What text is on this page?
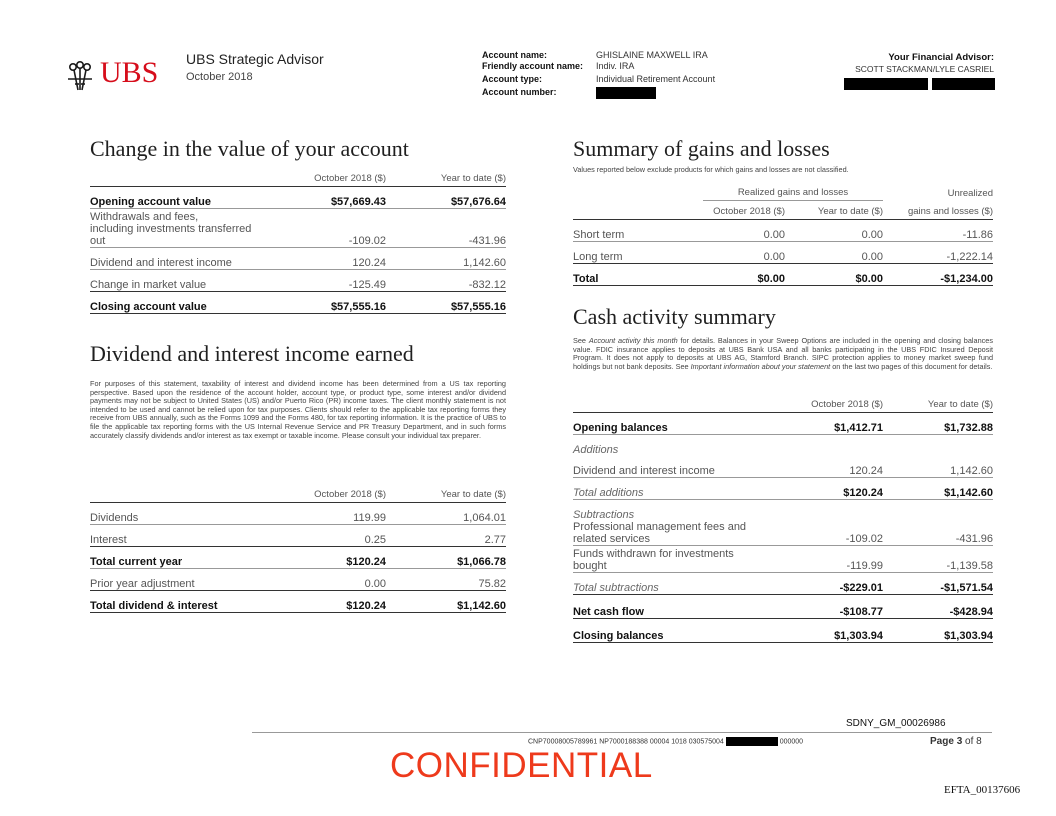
UBS UBS Strategic Advisor
October 2018
Account name:	GHISLAINE MAXWELL IRA
Friendly account name: Indiv. IRA
Account type:	Individual Retirement Account
Account number:
Your Financial Advisor:
SCOTT STACKMAN/LYLE CASRIEL
Change in the value of your account
	October 2018 ($)	Year to date ($)
Opening account value	$57,669.43	$57,676.64

Withdrawals and fees,
including investments transferred
out	-109.02	-431.96
Dividend and interest income	120.24	1,142.60
Change in market value	-125.49	-832.12
Closing account value	$57,555.16	$57,555.16
Dividend and interest income earned
For purposes of this statement, taxability of interest and dividend income has been determined from a US tax reporting perspective. Based upon the residence of the account holder, account type, or product type, some interest and/or dividend payments may not be subject to United States (US) and/or Puerto Rico (PR) income taxes. The client monthly statement is not intended to be used and cannot be relied upon for tax purposes. Clients should refer to the applicable tax reporting forms they receive from UBS annually, such as the Forms 1099 and the Forms 480, for tax reporting information. It is the practice of UBS to file the applicable tax reporting forms with the US Internal Revenue Service and PR Treasury Department, and in such forms accurately classify dividends and/or interest as tax exempt or taxable income. Please consult your individual tax preparer.
	October 2018 ($)	Year to date ($)
Dividends	119.99	1,064.01
Interest	0.25	2.77
Total current year	$120.24	$1,066.78
Prior year adjustment	0.00	75.82
Total dividend & interest	$120.24	$1,142.60
Summary of gains and losses
Values reported below exclude products for which gains and losses are not classified.
	Realized gains and losses		Unrealized
	October 2018 ($)	Year to date ($)	gains and losses ($)
Short term	0.00	0.00	-11.86
Long term	0.00	0.00	-1,222.14
Total	$0.00	$0.00	-$1,234.00
Cash activity summary
See Account activity this month for details. Balances in your Sweep Options are included in the opening and closing balances value. FDIC insurance applies to deposits at UBS Bank USA and all banks participating in the UBS FDIC Insured Deposit Program. It does not apply to deposits at UBS AG, Stamford Branch. SIPC protection applies to money market sweep fund holdings but not bank deposits. See Important information about your statement on the last two pages of this document for details.
	October 2018 ($)	Year to date ($)
Opening balances	$1,412.71	$1,732.88
Additions		
Dividend and interest income	120.24	1,142.60
Total additions	$120.24	$1,142.60
Subtractions		

Professional management fees and
related services	-109.02	-431.96

Funds withdrawn for investments
bought	-119.99	-1,139.58
Total subtractions	-$229.01	-$1,571.54
Net cash flow	-$108.77	-$428.94
Closing balances	$1,303.94	$1,303.94
SDNY_GM_00026986
CNP70008005789961 NP7000188388 00004 1018 030575004	000000	Page 3 of 8
CONFIDENTIAL
EFTA_00137606
